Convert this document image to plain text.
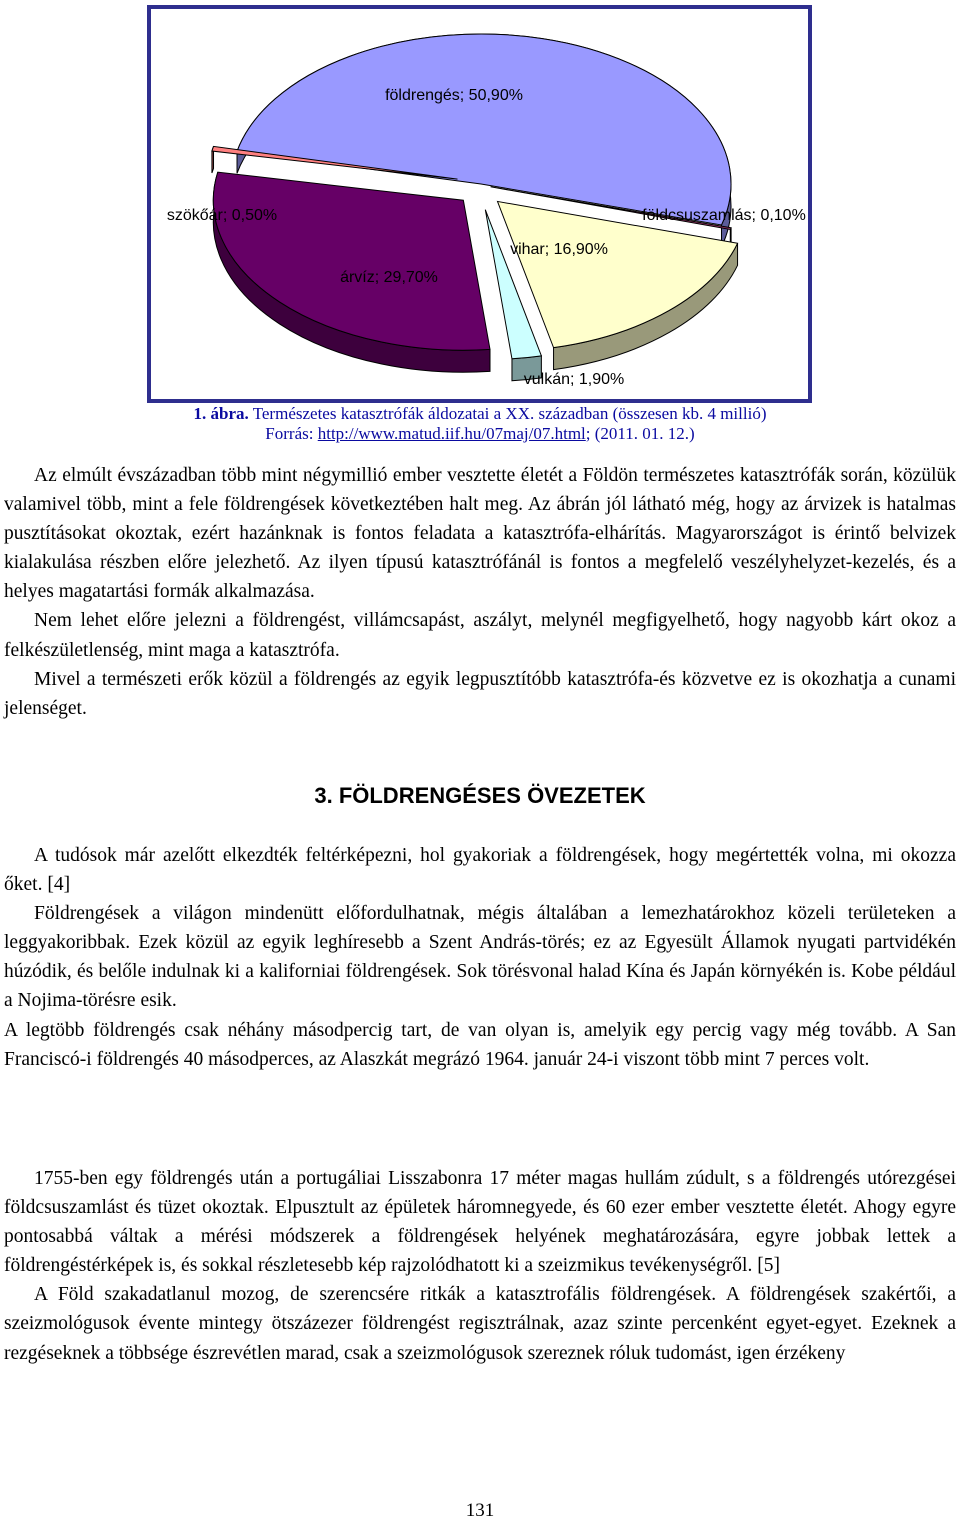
földrengés; 50,90%
földcsuszamlás; 0,10%
vihar; 16,90%
vulkán; 1,90%
árvíz; 29,70%
szökőár; 0,50%
1. ábra. Természetes katasztrófák áldozatai a XX. században (összesen kb. 4 millió)
Forrás: http://www.matud.iif.hu/07maj/07.html; (2011. 01. 12.)

Az elmúlt évszázadban több mint négymillió ember vesztette életét a Földön természetes katasztrófák során, közülük valamivel több, mint a fele földrengések következtében halt meg. Az ábrán jól látható még, hogy az árvizek is hatalmas pusztításokat okoztak, ezért hazánknak is fontos feladata a katasztrófa-elhárítás. Magyarországot is érintő belvizek kialakulása részben előre jelezhető. Az ilyen típusú katasztrófánál is fontos a megfelelő veszélyhelyzet-kezelés, és a helyes magatartási formák alkalmazása.

Nem lehet előre jelezni a földrengést, villámcsapást, aszályt, melynél megfigyelhető, hogy nagyobb kárt okoz a felkészületlenség, mint maga a katasztrófa.

Mivel a természeti erők közül a földrengés az egyik legpusztítóbb katasztrófa-és közvetve ez is okozhatja a cunami jelenséget.

3. FÖLDRENGÉSES ÖVEZETEK

A tudósok már azelőtt elkezdték feltérképezni, hol gyakoriak a földrengések, hogy megértették volna, mi okozza őket. [4]

Földrengések a világon mindenütt előfordulhatnak, mégis általában a lemezhatárokhoz közeli területeken a leggyakoribbak. Ezek közül az egyik leghíresebb a Szent András-törés; ez az Egyesült Államok nyugati partvidékén húzódik, és belőle indulnak ki a kaliforniai földrengések. Sok törésvonal halad Kína és Japán környékén is. Kobe például a Nojima-törésre esik.

A legtöbb földrengés csak néhány másodpercig tart, de van olyan is, amelyik egy percig vagy még tovább. A San Franciscó-i földrengés 40 másodperces, az Alaszkát megrázó 1964. január 24-i viszont több mint 7 perces volt.

1755-ben egy földrengés után a portugáliai Lisszabonra 17 méter magas hullám zúdult, s a földrengés utórezgései földcsuszamlást és tüzet okoztak. Elpusztult az épületek háromnegyede, és 60 ezer ember vesztette életét. Ahogy egyre pontosabbá váltak a mérési módszerek a földrengések helyének meghatározására, egyre jobbak lettek a földrengéstérképek is, és sokkal részletesebb kép rajzolódhatott ki a szeizmikus tevékenységről. [5]

A Föld szakadatlanul mozog, de szerencsére ritkák a katasztrofális földrengések. A földrengések szakértői, a szeizmológusok évente mintegy ötszázezer földrengést regisztrálnak, azaz szinte percenként egyet-egyet. Ezeknek a rezgéseknek a többsége észrevétlen marad, csak a szeizmológusok szereznek róluk tudomást, igen érzékeny

131
